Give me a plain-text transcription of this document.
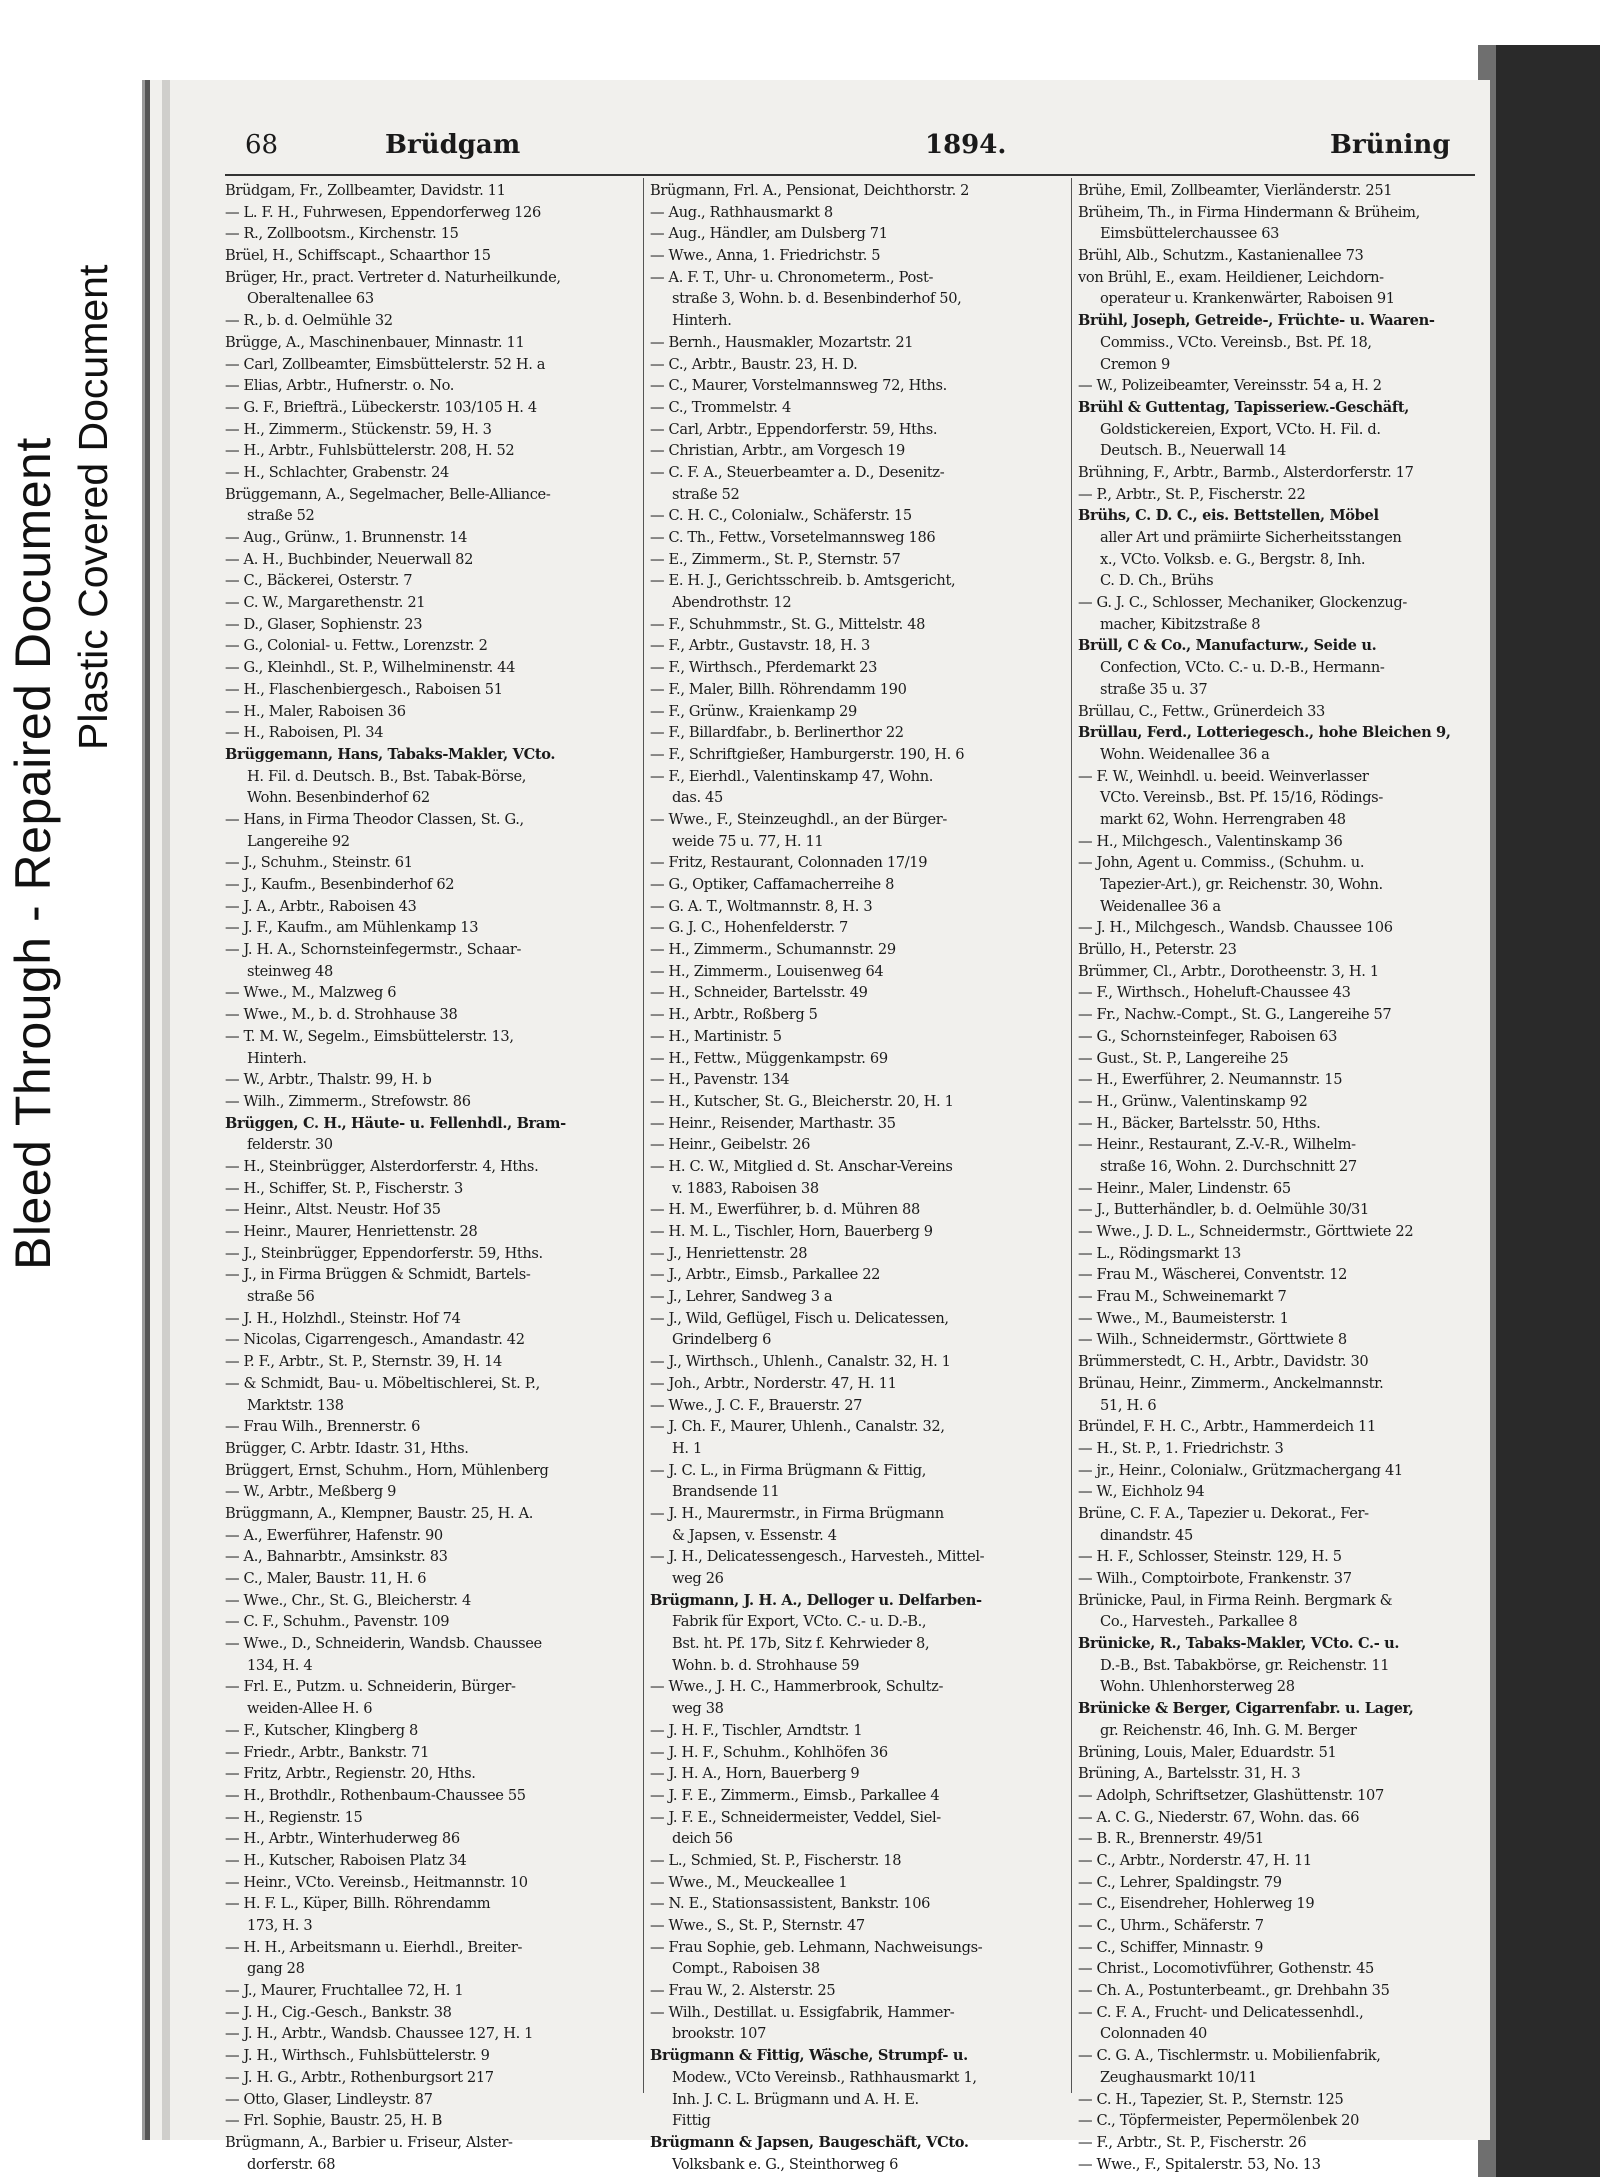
Bleed Through - Repaired Document Plastic Covered Document
68	Brüdgam	1894.	Brüning
Brüdgam, Fr., Zollbeamter, Davidstr. 11
— L. F. H., Fuhrwesen, Eppendorferweg 126
— R., Zollbootsm., Kirchenstr. 15
Brüel, H., Schiffscapt., Schaarthor 15
Brüger, Hr., pract. Vertreter d. Naturheilkunde,
Oberaltenallee 63
— R., b. d. Oelmühle 32
Brügge, A., Maschinenbauer, Minnastr. 11
— Carl, Zollbeamter, Eimsbüttelerstr. 52 H. a
— Elias, Arbtr., Hufnerstr. o. No.
— G. F., Briefträ., Lübeckerstr. 103/105 H. 4
— H., Zimmerm., Stückenstr. 59, H. 3
— H., Arbtr., Fuhlsbüttelerstr. 208, H. 52
— H., Schlachter, Grabenstr. 24
Brüggemann, A., Segelmacher, Belle-Alliance-
straße 52
— Aug., Grünw., 1. Brunnenstr. 14
— A. H., Buchbinder, Neuerwall 82
— C., Bäckerei, Osterstr. 7
— C. W., Margarethenstr. 21
— D., Glaser, Sophienstr. 23
— G., Colonial- u. Fettw., Lorenzstr. 2
— G., Kleinhdl., St. P., Wilhelminenstr. 44
— H., Flaschenbiergesch., Raboisen 51
— H., Maler, Raboisen 36
— H., Raboisen, Pl. 34
Brüggemann, Hans, Tabaks-Makler, VCto.
H. Fil. d. Deutsch. B., Bst. Tabak-Börse,
Wohn. Besenbinderhof 62
— Hans, in Firma Theodor Classen, St. G.,
Langereihe 92
— J., Schuhm., Steinstr. 61
— J., Kaufm., Besenbinderhof 62
— J. A., Arbtr., Raboisen 43
— J. F., Kaufm., am Mühlenkamp 13
— J. H. A., Schornsteinfegermstr., Schaar-
steinweg 48
— Wwe., M., Malzweg 6
— Wwe., M., b. d. Strohhause 38
— T. M. W., Segelm., Eimsbüttelerstr. 13,
Hinterh.
— W., Arbtr., Thalstr. 99, H. b
— Wilh., Zimmerm., Strefowstr. 86
Brüggen, C. H., Häute- u. Fellenhdl., Bram-
felderstr. 30
— H., Steinbrügger, Alsterdorferstr. 4, Hths.
— H., Schiffer, St. P., Fischerstr. 3
— Heinr., Altst. Neustr. Hof 35
— Heinr., Maurer, Henriettenstr. 28
— J., Steinbrügger, Eppendorferstr. 59, Hths.
— J., in Firma Brüggen & Schmidt, Bartels-
straße 56
— J. H., Holzhdl., Steinstr. Hof 74
— Nicolas, Cigarrengesch., Amandastr. 42
— P. F., Arbtr., St. P., Sternstr. 39, H. 14
— & Schmidt, Bau- u. Möbeltischlerei, St. P.,
Marktstr. 138
— Frau Wilh., Brennerstr. 6
Brügger, C. Arbtr. Idastr. 31, Hths.
Brüggert, Ernst, Schuhm., Horn, Mühlenberg
— W., Arbtr., Meßberg 9
Brüggmann, A., Klempner, Baustr. 25, H. A.
— A., Ewerführer, Hafenstr. 90
— A., Bahnarbtr., Amsinkstr. 83
— C., Maler, Baustr. 11, H. 6
— Wwe., Chr., St. G., Bleicherstr. 4
— C. F., Schuhm., Pavenstr. 109
— Wwe., D., Schneiderin, Wandsb. Chaussee
134, H. 4
— Frl. E., Putzm. u. Schneiderin, Bürger-
weiden-Allee H. 6
— F., Kutscher, Klingberg 8
— Friedr., Arbtr., Bankstr. 71
— Fritz, Arbtr., Regienstr. 20, Hths.
— H., Brothdlr., Rothenbaum-Chaussee 55
— H., Regienstr. 15
— H., Arbtr., Winterhuderweg 86
— H., Kutscher, Raboisen Platz 34
— Heinr., VCto. Vereinsb., Heitmannstr. 10
— H. F. L., Küper, Billh. Röhrendamm
173, H. 3
— H. H., Arbeitsmann u. Eierhdl., Breiter-
gang 28
— J., Maurer, Fruchtallee 72, H. 1
— J. H., Cig.-Gesch., Bankstr. 38
— J. H., Arbtr., Wandsb. Chaussee 127, H. 1
— J. H., Wirthsch., Fuhlsbüttelerstr. 9
— J. H. G., Arbtr., Rothenburgsort 217
— Otto, Glaser, Lindleystr. 87
— Frl. Sophie, Baustr. 25, H. B
Brügmann, A., Barbier u. Friseur, Alster-
dorferstr. 68
Brügmann, Frl. A., Pensionat, Deichthorstr. 2
— Aug., Rathhausmarkt 8
— Aug., Händler, am Dulsberg 71
— Wwe., Anna, 1. Friedrichstr. 5
— A. F. T., Uhr- u. Chronometerm., Post-
straße 3, Wohn. b. d. Besenbinderhof 50,
Hinterh.
— Bernh., Hausmakler, Mozartstr. 21
— C., Arbtr., Baustr. 23, H. D.
— C., Maurer, Vorstelmannsweg 72, Hths.
— C., Trommelstr. 4
— Carl, Arbtr., Eppendorferstr. 59, Hths.
— Christian, Arbtr., am Vorgesch 19
— C. F. A., Steuerbeamter a. D., Desenitz-
straße 52
— C. H. C., Colonialw., Schäferstr. 15
— C. Th., Fettw., Vorsetelmannsweg 186
— E., Zimmerm., St. P., Sternstr. 57
— E. H. J., Gerichtsschreib. b. Amtsgericht,
Abendrothstr. 12
— F., Schuhmmstr., St. G., Mittelstr. 48
— F., Arbtr., Gustavstr. 18, H. 3
— F., Wirthsch., Pferdemarkt 23
— F., Maler, Billh. Röhrendamm 190
— F., Grünw., Kraienkamp 29
— F., Billardfabr., b. Berlinerthor 22
— F., Schriftgießer, Hamburgerstr. 190, H. 6
— F., Eierhdl., Valentinskamp 47, Wohn.
das. 45
— Wwe., F., Steinzeughdl., an der Bürger-
weide 75 u. 77, H. 11
— Fritz, Restaurant, Colonnaden 17/19
— G., Optiker, Caffamacherreihe 8
— G. A. T., Woltmannstr. 8, H. 3
— G. J. C., Hohenfelderstr. 7
— H., Zimmerm., Schumannstr. 29
— H., Zimmerm., Louisenweg 64
— H., Schneider, Bartelsstr. 49
— H., Arbtr., Roßberg 5
— H., Martinistr. 5
— H., Fettw., Müggenkampstr. 69
— H., Pavenstr. 134
— H., Kutscher, St. G., Bleicherstr. 20, H. 1
— Heinr., Reisender, Marthastr. 35
— Heinr., Geibelstr. 26
— H. C. W., Mitglied d. St. Anschar-Vereins
v. 1883, Raboisen 38
— H. M., Ewerführer, b. d. Mühren 88
— H. M. L., Tischler, Horn, Bauerberg 9
— J., Henriettenstr. 28
— J., Arbtr., Eimsb., Parkallee 22
— J., Lehrer, Sandweg 3 a
— J., Wild, Geflügel, Fisch u. Delicatessen,
Grindelberg 6
— J., Wirthsch., Uhlenh., Canalstr. 32, H. 1
— Joh., Arbtr., Norderstr. 47, H. 11
— Wwe., J. C. F., Brauerstr. 27
— J. Ch. F., Maurer, Uhlenh., Canalstr. 32,
H. 1
— J. C. L., in Firma Brügmann & Fittig,
Brandsende 11
— J. H., Maurermstr., in Firma Brügmann
& Japsen, v. Essenstr. 4
— J. H., Delicatessengesch., Harvesteh., Mittel-
weg 26
Brügmann, J. H. A., Delloger u. Delfarben-
Fabrik für Export, VCto. C.- u. D.-B.,
Bst. ht. Pf. 17b, Sitz f. Kehrwieder 8,
Wohn. b. d. Strohhause 59
— Wwe., J. H. C., Hammerbrook, Schultz-
weg 38
— J. H. F., Tischler, Arndtstr. 1
— J. H. F., Schuhm., Kohlhöfen 36
— J. H. A., Horn, Bauerberg 9
— J. F. E., Zimmerm., Eimsb., Parkallee 4
— J. F. E., Schneidermeister, Veddel, Siel-
deich 56
— L., Schmied, St. P., Fischerstr. 18
— Wwe., M., Meuckeallee 1
— N. E., Stationsassistent, Bankstr. 106
— Wwe., S., St. P., Sternstr. 47
— Frau Sophie, geb. Lehmann, Nachweisungs-
Compt., Raboisen 38
— Frau W., 2. Alsterstr. 25
— Wilh., Destillat. u. Essigfabrik, Hammer-
brookstr. 107
Brügmann & Fittig, Wäsche, Strumpf- u.
Modew., VCto Vereinsb., Rathhausmarkt 1,
Inh. J. C. L. Brügmann und A. H. E.
Fittig
Brügmann & Japsen, Baugeschäft, VCto.
Volksbank e. G., Steinthorweg 6
Brühe, Emil, Zollbeamter, Vierländerstr. 251
Brüheim, Th., in Firma Hindermann & Brüheim,
Eimsbüttelerchaussee 63
Brühl, Alb., Schutzm., Kastanienallee 73
von Brühl, E., exam. Heildiener, Leichdorn-
operateur u. Krankenwärter, Raboisen 91
Brühl, Joseph, Getreide-, Früchte- u. Waaren-
Commiss., VCto. Vereinsb., Bst. Pf. 18,
Cremon 9
— W., Polizeibeamter, Vereinsstr. 54 a, H. 2
Brühl & Guttentag, Tapisseriew.-Geschäft,
Goldstickereien, Export, VCto. H. Fil. d.
Deutsch. B., Neuerwall 14
Brühning, F., Arbtr., Barmb., Alsterdorferstr. 17
— P., Arbtr., St. P., Fischerstr. 22
Brühs, C. D. C., eis. Bettstellen, Möbel
aller Art und prämiirte Sicherheitsstangen
x., VCto. Volksb. e. G., Bergstr. 8, Inh.
C. D. Ch., Brühs
— G. J. C., Schlosser, Mechaniker, Glockenzug-
macher, Kibitzstraße 8
Brüll, C & Co., Manufacturw., Seide u.
Confection, VCto. C.- u. D.-B., Hermann-
straße 35 u. 37
Brüllau, C., Fettw., Grünerdeich 33
Brüllau, Ferd., Lotteriegesch., hohe Bleichen 9,
Wohn. Weidenallee 36 a
— F. W., Weinhdl. u. beeid. Weinverlasser
VCto. Vereinsb., Bst. Pf. 15/16, Rödings-
markt 62, Wohn. Herrengraben 48
— H., Milchgesch., Valentinskamp 36
— John, Agent u. Commiss., (Schuhm. u.
Tapezier-Art.), gr. Reichenstr. 30, Wohn.
Weidenallee 36 a
— J. H., Milchgesch., Wandsb. Chaussee 106
Brüllo, H., Peterstr. 23
Brümmer, Cl., Arbtr., Dorotheenstr. 3, H. 1
— F., Wirthsch., Hoheluft-Chaussee 43
— Fr., Nachw.-Compt., St. G., Langereihe 57
— G., Schornsteinfeger, Raboisen 63
— Gust., St. P., Langereihe 25
— H., Ewerführer, 2. Neumannstr. 15
— H., Grünw., Valentinskamp 92
— H., Bäcker, Bartelsstr. 50, Hths.
— Heinr., Restaurant, Z.-V.-R., Wilhelm-
straße 16, Wohn. 2. Durchschnitt 27
— Heinr., Maler, Lindenstr. 65
— J., Butterhändler, b. d. Oelmühle 30/31
— Wwe., J. D. L., Schneidermstr., Görttwiete 22
— L., Rödingsmarkt 13
— Frau M., Wäscherei, Conventstr. 12
— Frau M., Schweinemarkt 7
— Wwe., M., Baumeisterstr. 1
— Wilh., Schneidermstr., Görttwiete 8
Brümmerstedt, C. H., Arbtr., Davidstr. 30
Brünau, Heinr., Zimmerm., Anckelmannstr.
51, H. 6
Bründel, F. H. C., Arbtr., Hammerdeich 11
— H., St. P., 1. Friedrichstr. 3
— jr., Heinr., Colonialw., Grützmachergang 41
— W., Eichholz 94
Brüne, C. F. A., Tapezier u. Dekorat., Fer-
dinandstr. 45
— H. F., Schlosser, Steinstr. 129, H. 5
— Wilh., Comptoirbote, Frankenstr. 37
Brünicke, Paul, in Firma Reinh. Bergmark &
Co., Harvesteh., Parkallee 8
Brünicke, R., Tabaks-Makler, VCto. C.- u.
D.-B., Bst. Tabakbörse, gr. Reichenstr. 11
Wohn. Uhlenhorsterweg 28
Brünicke & Berger, Cigarrenfabr. u. Lager,
gr. Reichenstr. 46, Inh. G. M. Berger
Brüning, Louis, Maler, Eduardstr. 51
Brüning, A., Bartelsstr. 31, H. 3
— Adolph, Schriftsetzer, Glashüttenstr. 107
— A. C. G., Niederstr. 67, Wohn. das. 66
— B. R., Brennerstr. 49/51
— C., Arbtr., Norderstr. 47, H. 11
— C., Lehrer, Spaldingstr. 79
— C., Eisendreher, Hohlerweg 19
— C., Uhrm., Schäferstr. 7
— C., Schiffer, Minnastr. 9
— Christ., Locomotivführer, Gothenstr. 45
— Ch. A., Postunterbeamt., gr. Drehbahn 35
— C. F. A., Frucht- und Delicatessenhdl.,
Colonnaden 40
— C. G. A., Tischlermstr. u. Mobilienfabrik,
Zeughausmarkt 10/11
— C. H., Tapezier, St. P., Sternstr. 125
— C., Töpfermeister, Pepermölenbek 20
— F., Arbtr., St. P., Fischerstr. 26
— Wwe., F., Spitalerstr. 53, No. 13
